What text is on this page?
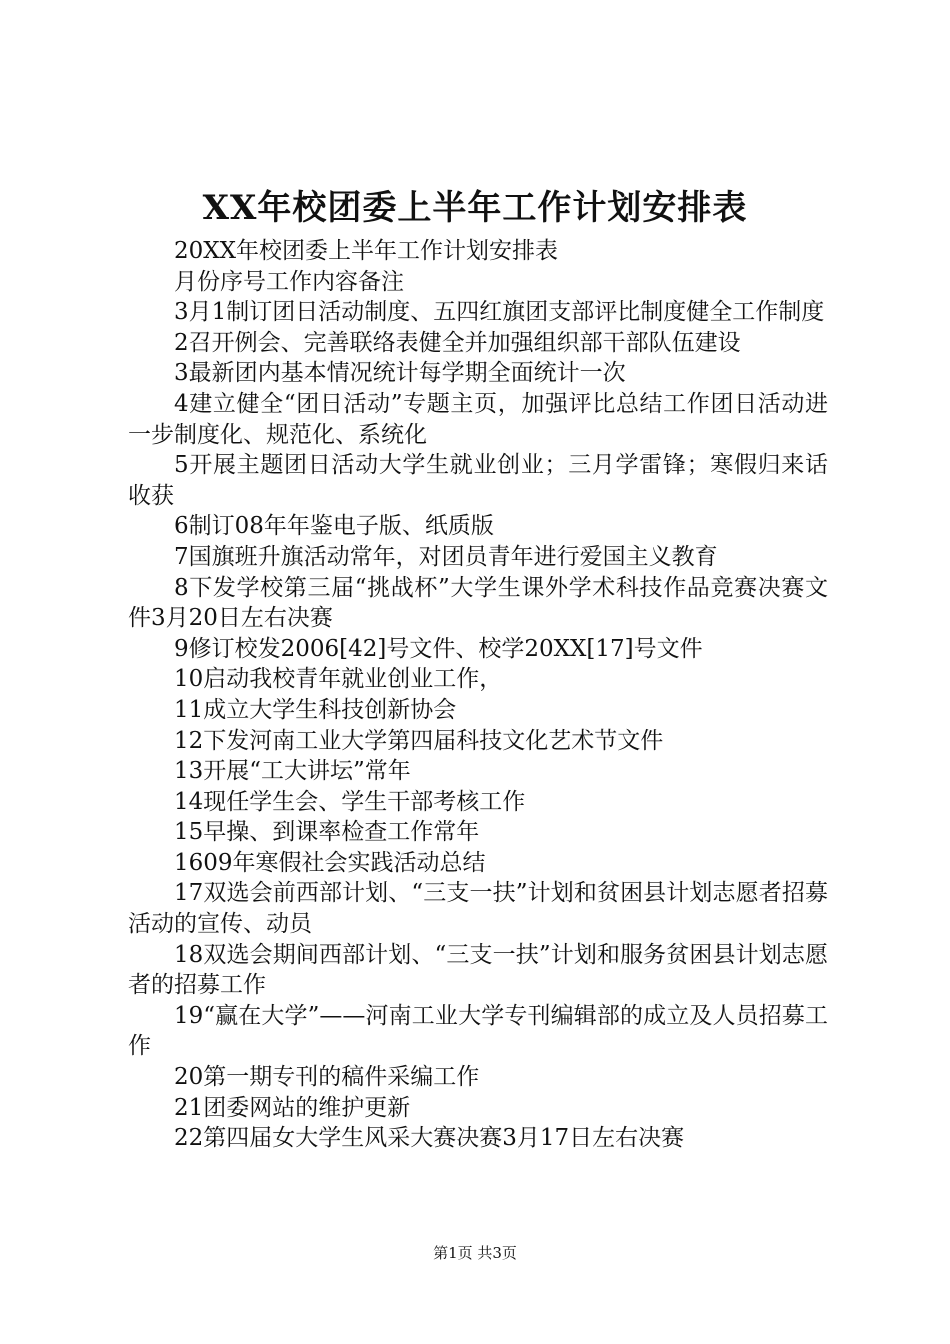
XX年校团委上半年工作计划安排表

20XX年校团委上半年工作计划安排表

月份序号工作内容备注

3月1制订团日活动制度、五四红旗团支部评比制度健全工作制度

2召开例会、完善联络表健全并加强组织部干部队伍建设

3最新团内基本情况统计每学期全面统计一次

4建立健全“团日活动”专题主页，加强评比总结工作团日活动进一步制度化、规范化、系统化

5开展主题团日活动大学生就业创业；三月学雷锋；寒假归来话收获

6制订08年年鉴电子版、纸质版

7国旗班升旗活动常年，对团员青年进行爱国主义教育

8下发学校第三届“挑战杯”大学生课外学术科技作品竞赛决赛文件3月20日左右决赛

9修订校发2006[42]号文件、校学20XX[17]号文件

10启动我校青年就业创业工作，

11成立大学生科技创新协会

12下发河南工业大学第四届科技文化艺术节文件

13开展“工大讲坛”常年

14现任学生会、学生干部考核工作

15早操、到课率检查工作常年

1609年寒假社会实践活动总结

17双选会前西部计划、“三支一扶”计划和贫困县计划志愿者招募活动的宣传、动员

18双选会期间西部计划、“三支一扶”计划和服务贫困县计划志愿者的招募工作

19“赢在大学”——河南工业大学专刊编辑部的成立及人员招募工作

20第一期专刊的稿件采编工作

21团委网站的维护更新

22第四届女大学生风采大赛决赛3月17日左右决赛

第1页 共3页
